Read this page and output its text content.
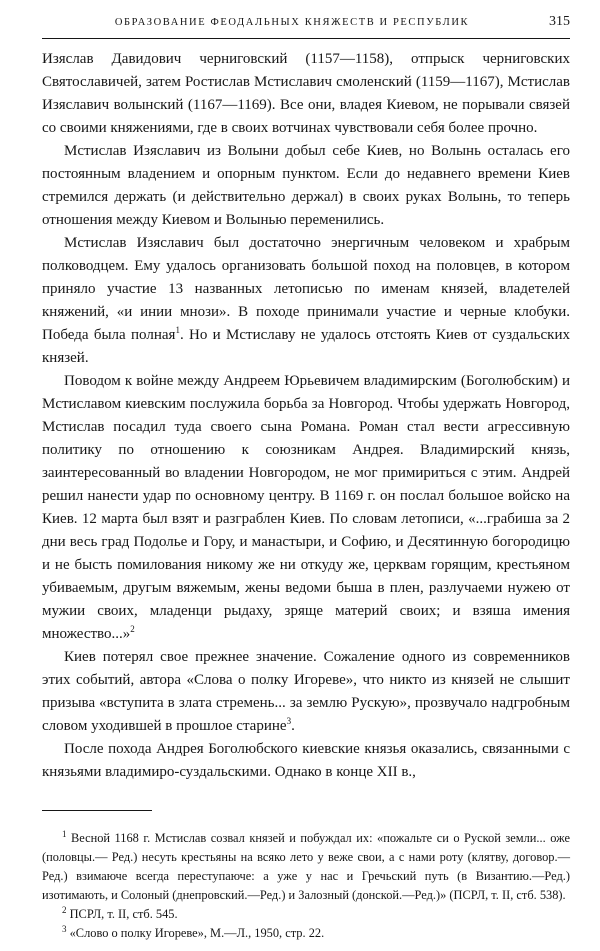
ОБРАЗОВАНИЕ ФЕОДАЛЬНЫХ КНЯЖЕСТВ И РЕСПУБЛИК	315

Изяслав Давидович черниговский (1157—1158), отпрыск черниговских Святославичей, затем Ростислав Мстиславич смоленский (1159—1167), Мстислав Изяславич волынский (1167—1169). Все они, владея Киевом, не порывали связей со своими княжениями, где в своих вотчинах чувствовали себя более прочно.

Мстислав Изяславич из Волыни добыл себе Киев, но Волынь осталась его постоянным владением и опорным пунктом. Если до недавнего времени Киев стремился держать (и действительно держал) в своих руках Волынь, то теперь отношения между Киевом и Волынью переменились.

Мстислав Изяславич был достаточно энергичным человеком и храбрым полководцем. Ему удалось организовать большой поход на половцев, в котором приняло участие 13 названных летописью по именам князей, владетелей княжений, «и инии мнози». В походе принимали участие и черные клобуки. Победа была полная$^1$. Но и Мстиславу не удалось отстоять Киев от суздальских князей.

Поводом к войне между Андреем Юрьевичем владимирским (Боголюбским) и Мстиславом киевским послужила борьба за Новгород. Чтобы удержать Новгород, Мстислав посадил туда своего сына Романа. Роман стал вести агрессивную политику по отношению к союзникам Андрея. Владимирский князь, заинтересованный во владении Новгородом, не мог примириться с этим. Андрей решил нанести удар по основному центру. В 1169 г. он послал большое войско на Киев. 12 марта был взят и разграблен Киев. По словам летописи, «...грабиша за 2 дни весь град Подолье и Гору, и манастыри, и Софию, и Десятинную богородицю и не бысть помилования никому же ни откуду же, церквам горящим, крестьяном убиваемым, другым вяжемым, жены ведоми быша в плен, разлучаеми нужею от мужии своих, младенци рыдаху, зряще материй своих; и взяша имения множество...»$^2$

Киев потерял свое прежнее значение. Сожаление одного из современников этих событий, автора «Слова о полку Игореве», что никто из князей не слышит призыва «вступита в злата стремень... за землю Рускую», прозвучало надгробным словом уходившей в прошлое старине$^3$.

После похода Андрея Боголюбского киевские князья оказались, связанными с князьями владимиро-суздальскими. Однако в конце XII в.,

$^1$ Весной 1168 г. Мстислав созвал князей и побуждал их: «пожальте си о Руской земли... оже (половцы.— Ред.) несуть крестьяны на всяко лето у веже свои, а с нами роту (клятву, договор.— Ред.) взимаюче всегда переступаюче: а уже у нас и Гречьский путь (в Византию.—Ред.) изотимають, и Солоный (днепровский.—Ред.) и Залозный (донской.—Ред.)» (ПСРЛ, т. II, стб. 538).

$^2$ ПСРЛ, т. II, стб. 545.

$^3$ «Слово о полку Игореве», М.—Л., 1950, стр. 22.
